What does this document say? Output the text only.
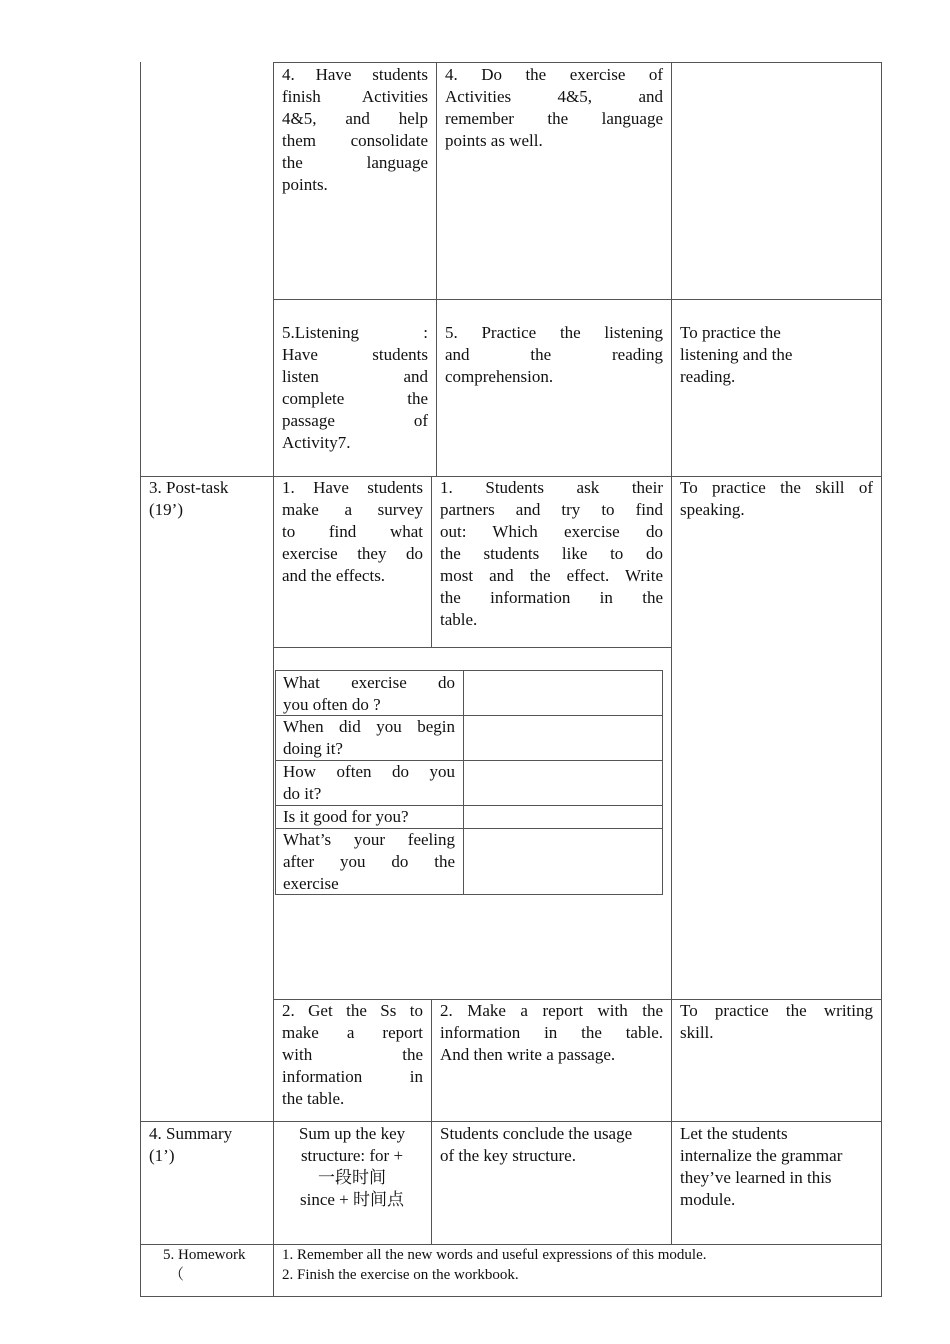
4. Have students
finish Activities
4&5, and help
them consolidate
the language
points.
4. Do the exercise of
Activities 4&5, and
remember the language
points as well.
5.Listening :
Have students
listen and
complete the
passage of
Activity7.
5. Practice the listening
and the reading
comprehension.
To practice the
listening and the
reading.
3. Post-task
(19’)
1. Have students
make a survey
to find what
exercise they do
and the effects.
1. Students ask their
partners and try to find
out: Which exercise do
the students like to do
most and the effect. Write
the information in the
table.
To practice the skill of
speaking.
What exercise do
you often do ?
When did you begin
doing it?
How often do you
do it?
Is it good for you?
What’s your feeling
after you do the
exercise
2. Get the Ss to
make a report
with the
information in
the table.
2. Make a report with the
information in the table.
And then write a passage.
To practice the writing
skill.
4. Summary
(1’)
Sum up the key
structure: for +
一段时间
since + 时间点
Students conclude the usage
of the key structure.
Let the students
internalize the grammar
they’ve learned in this
module.
5. Homework
（
1. Remember all the new words and useful expressions of this module.
2. Finish the exercise on the workbook.
